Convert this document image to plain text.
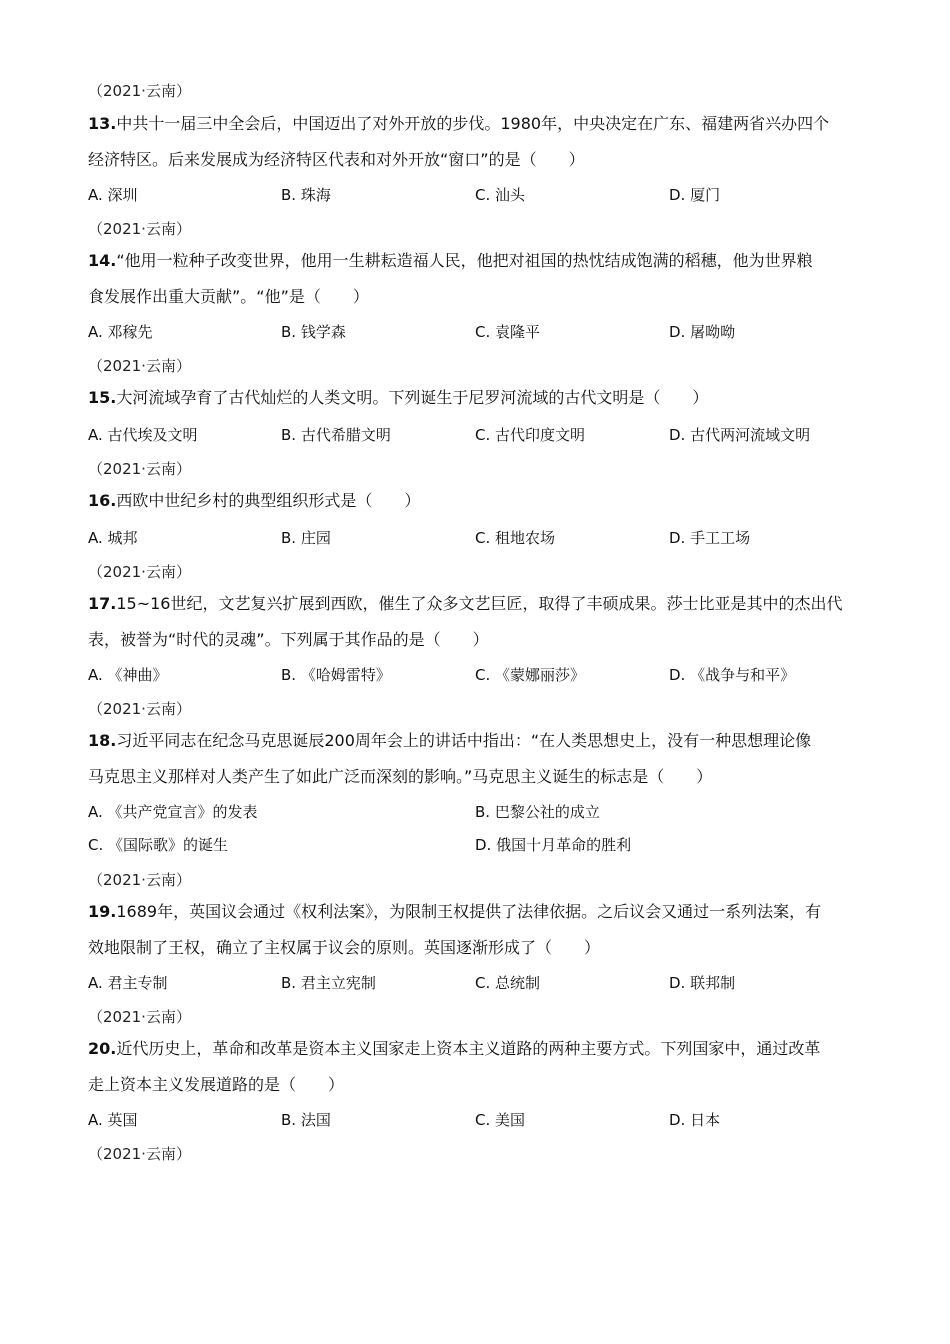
（2021·云南）
13.中共十一届三中全会后，中国迈出了对外开放的步伐。1980年，中央决定在广东、福建两省兴办四个
经济特区。后来发展成为经济特区代表和对外开放“窗口”的是（　　）
A. 深圳	B. 珠海	C. 汕头	D. 厦门
（2021·云南）
14.“他用一粒种子改变世界，他用一生耕耘造福人民，他把对祖国的热忱结成饱满的稻穗，他为世界粮
食发展作出重大贡献”。“他”是（　　）
A. 邓稼先	B. 钱学森	C. 袁隆平	D. 屠呦呦
（2021·云南）
15.大河流域孕育了古代灿烂的人类文明。下列诞生于尼罗河流域的古代文明是（　　）
A. 古代埃及文明	B. 古代希腊文明	C. 古代印度文明	D. 古代两河流域文明
（2021·云南）
16.西欧中世纪乡村的典型组织形式是（　　）
A. 城邦	B. 庄园	C. 租地农场	D. 手工工场
（2021·云南）
17.15~16世纪，文艺复兴扩展到西欧，催生了众多文艺巨匠，取得了丰硕成果。莎士比亚是其中的杰出代
表，被誉为“时代的灵魂”。下列属于其作品的是（　　）
A. 《神曲》	B. 《哈姆雷特》	C. 《蒙娜丽莎》	D. 《战争与和平》
（2021·云南）
18.习近平同志在纪念马克思诞辰200周年会上的讲话中指出：“在人类思想史上，没有一种思想理论像
马克思主义那样对人类产生了如此广泛而深刻的影响。”马克思主义诞生的标志是（　　）
A. 《共产党宣言》的发表	B. 巴黎公社的成立
C. 《国际歌》的诞生	D. 俄国十月革命的胜利
（2021·云南）
19.1689年，英国议会通过《权利法案》，为限制王权提供了法律依据。之后议会又通过一系列法案，有
效地限制了王权，确立了主权属于议会的原则。英国逐渐形成了（　　）
A. 君主专制	B. 君主立宪制	C. 总统制	D. 联邦制
（2021·云南）
20.近代历史上，革命和改革是资本主义国家走上资本主义道路的两种主要方式。下列国家中，通过改革
走上资本主义发展道路的是（　　）
A. 英国	B. 法国	C. 美国	D. 日本
（2021·云南）
